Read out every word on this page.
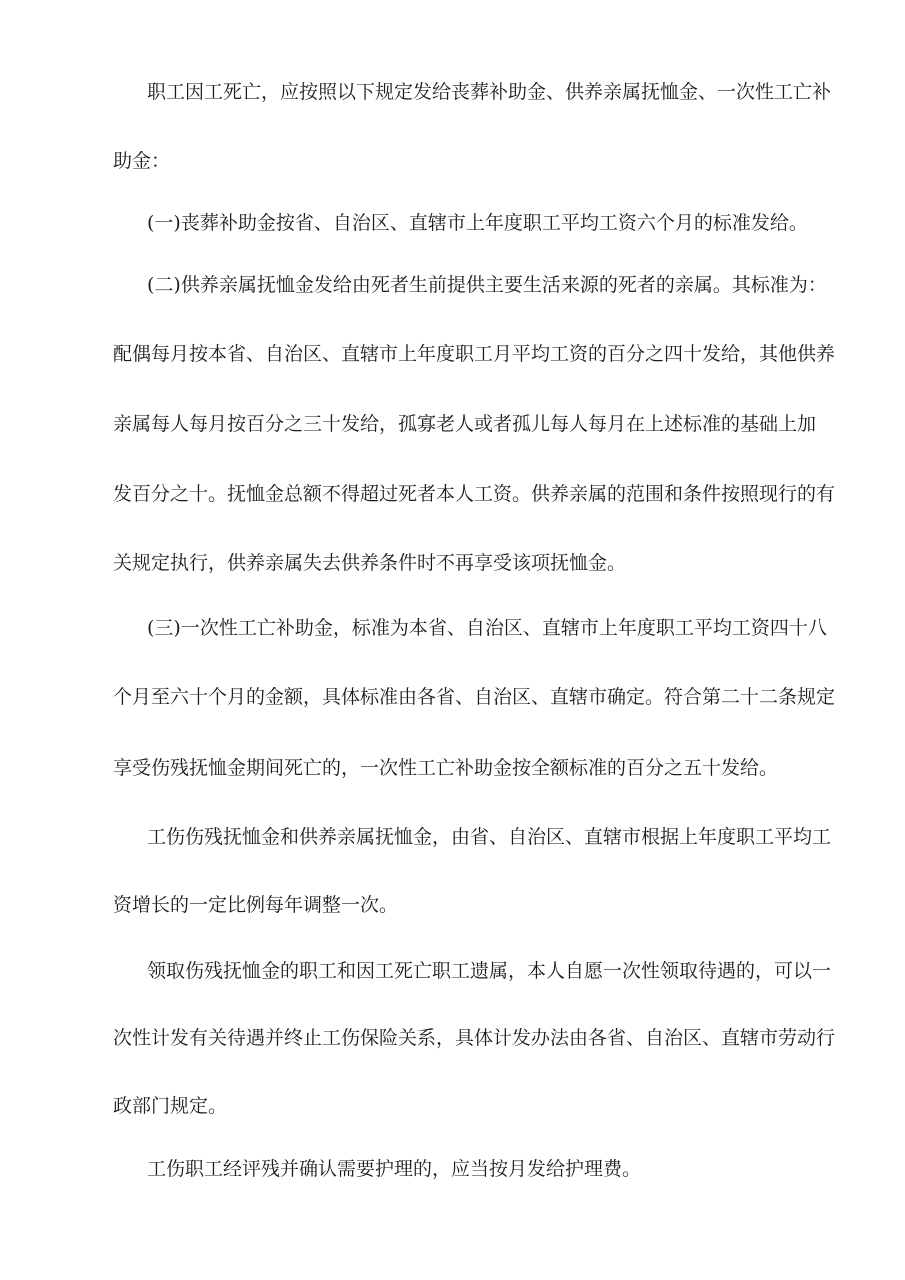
职工因工死亡，应按照以下规定发给丧葬补助金、供养亲属抚恤金、一次性工亡补

助金：

(一)丧葬补助金按省、自治区、直辖市上年度职工平均工资六个月的标准发给。

(二)供养亲属抚恤金发给由死者生前提供主要生活来源的死者的亲属。其标准为：

配偶每月按本省、自治区、直辖市上年度职工月平均工资的百分之四十发给，其他供养

亲属每人每月按百分之三十发给，孤寡老人或者孤儿每人每月在上述标准的基础上加

发百分之十。抚恤金总额不得超过死者本人工资。供养亲属的范围和条件按照现行的有

关规定执行，供养亲属失去供养条件时不再享受该项抚恤金。

(三)一次性工亡补助金，标准为本省、自治区、直辖市上年度职工平均工资四十八

个月至六十个月的金额，具体标准由各省、自治区、直辖市确定。符合第二十二条规定

享受伤残抚恤金期间死亡的，一次性工亡补助金按全额标准的百分之五十发给。

工伤伤残抚恤金和供养亲属抚恤金，由省、自治区、直辖市根据上年度职工平均工

资增长的一定比例每年调整一次。

领取伤残抚恤金的职工和因工死亡职工遗属，本人自愿一次性领取待遇的，可以一

次性计发有关待遇并终止工伤保险关系，具体计发办法由各省、自治区、直辖市劳动行

政部门规定。

工伤职工经评残并确认需要护理的，应当按月发给护理费。
